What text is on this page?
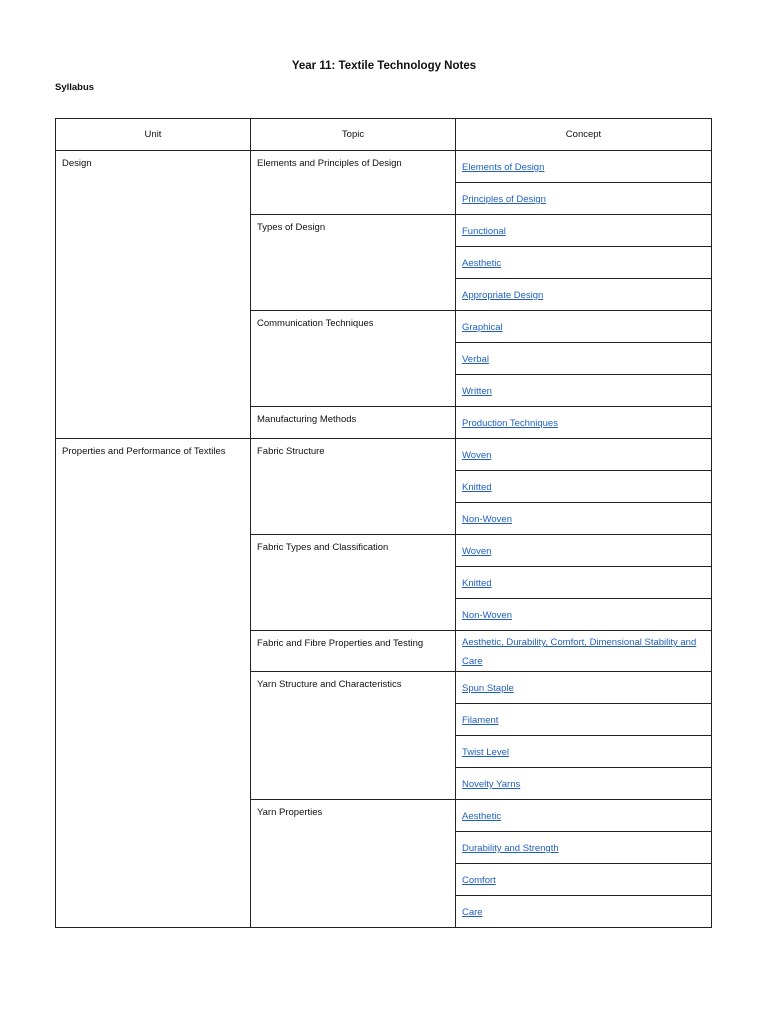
Year 11: Textile Technology Notes
Syllabus
Unit	Topic	Concept
Design	Elements and Principles of Design	Elements of Design
		Principles of Design
	Types of Design	Functional
		Aesthetic
		Appropriate Design
	Communication Techniques	Graphical
		Verbal
		Written
	Manufacturing Methods	Production Techniques
Properties and Performance of Textiles	Fabric Structure	Woven
		Knitted
		Non-Woven
	Fabric Types and Classification	Woven
		Knitted
		Non-Woven
	Fabric and Fibre Properties and Testing	Aesthetic, Durability, Comfort, Dimensional Stability and Care
	Yarn Structure and Characteristics	Spun Staple
		Filament
		Twist Level
		Novelty Yarns
	Yarn Properties	Aesthetic
		Durability and Strength
		Comfort
		Care
